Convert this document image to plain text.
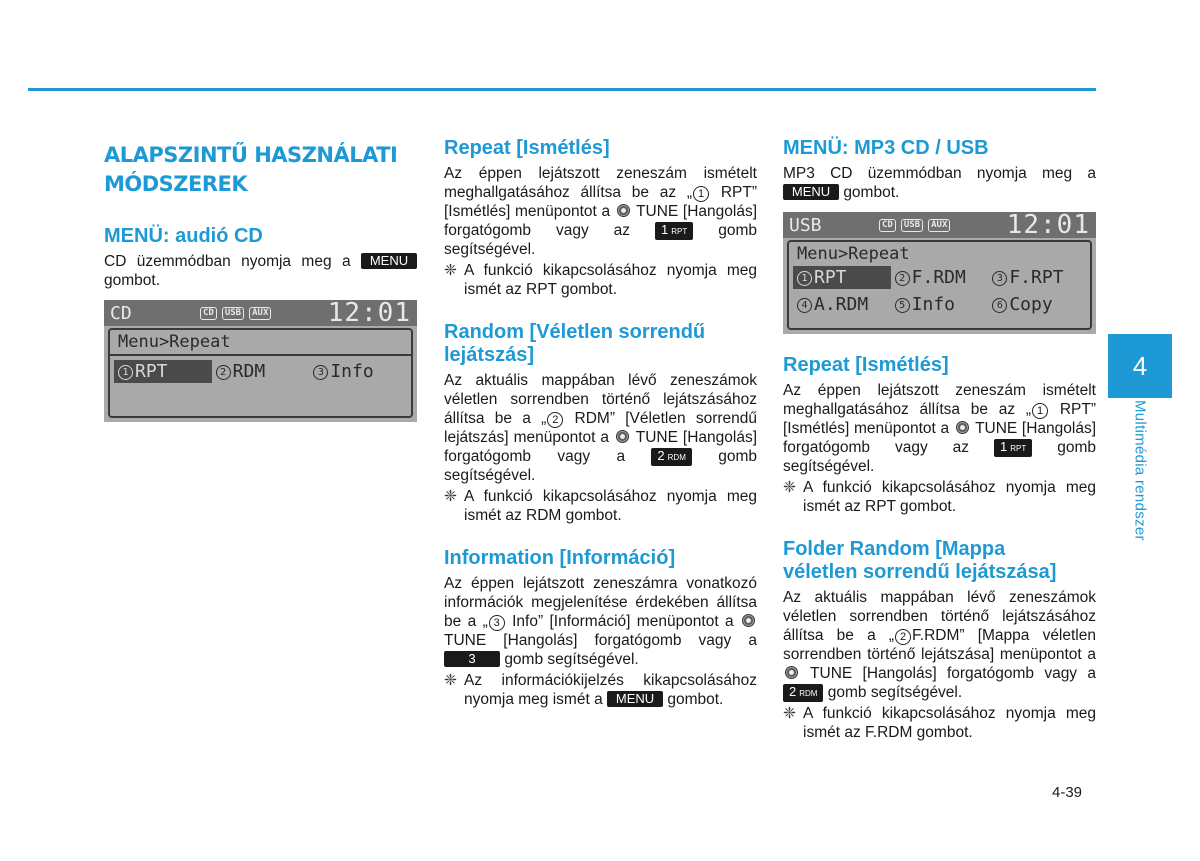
ALAPSZINTŰ HASZNÁLATI
MÓDSZEREK
MENÜ: audió CD

CD üzemmódban nyomja meg a MENU gombot.

CD	CD	USB	AUX 12:01
Menu>Repeat
1 RPT	2 RDM	3 Info
Repeat [Ismétlés]

Az éppen lejátszott zeneszám ismételt meghallgatásához állítsa be az „ 1 RPT” [Ismétlés] menüpontot a TUNE [Hangolás] forgatógomb vagy az 1 RPT gomb segítségével.

❈ A funkció kikapcsolásához nyomja meg ismét az RPT gombot.
Random [Véletlen sorrendű
lejátszás]

Az aktuális mappában lévő zeneszámok véletlen sorrendben történő lejátszásához állítsa be a „ 2 RDM” [Véletlen sorrendű lejátszás] menüpontot a TUNE [Hangolás] forgatógomb vagy a 2 RDM gomb segítségével.

❈ A funkció kikapcsolásához nyomja meg ismét az RDM gombot.
Information [Információ]

Az éppen lejátszott zeneszámra vonatkozó információk megjelenítése érdekében állítsa be a „ 3 Info” [Információ] menüpontot a  TUNE [Hangolás] forgatógomb vagy a 3 gomb segítségével.

❈ Az információkijelzés kikapcsolásához nyomja meg ismét a MENU gombot.
MENÜ: MP3 CD / USB

MP3 CD üzemmódban nyomja meg a MENU gombot.

USB	CD	USB	AUX 12:01
Menu>Repeat
1 RPT	2 F.RDM	3 F.RPT
4 A.RDM	5 Info	6 Copy
Repeat [Ismétlés]

Az éppen lejátszott zeneszám ismételt meghallgatásához állítsa be az „ 1 RPT” [Ismétlés] menüpontot a TUNE [Hangolás] forgatógomb vagy az 1 RPT gomb segítségével.

❈ A funkció kikapcsolásához nyomja meg ismét az RPT gombot.
Folder Random [Mappa
véletlen sorrendű lejátszása]

Az aktuális mappában lévő zeneszámok véletlen sorrendben történő lejátszásához állítsa be a „ 2 F.RDM” [Mappa véletlen sorrendben történő lejátszása] menüpontot a  TUNE [Hangolás] forgatógomb vagy a 2 RDM gomb segítségével.

❈ A funkció kikapcsolásához nyomja meg ismét az F.RDM gombot.
4
Multimédia rendszer
4-39
